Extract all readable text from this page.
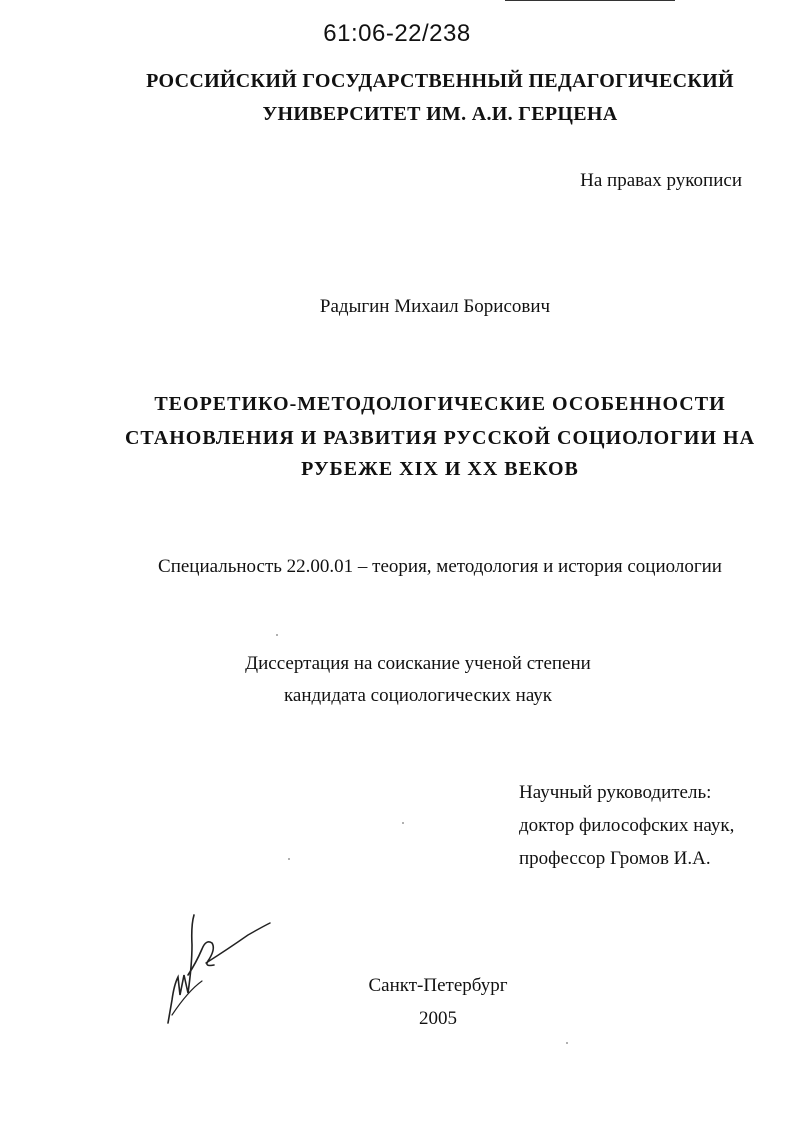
61:06-22/238
РОССИЙСКИЙ ГОСУДАРСТВЕННЫЙ ПЕДАГОГИЧЕСКИЙ
УНИВЕРСИТЕТ ИМ. А.И. ГЕРЦЕНА
На правах рукописи
Радыгин Михаил Борисович
ТЕОРЕТИКО-МЕТОДОЛОГИЧЕСКИЕ ОСОБЕННОСТИ
СТАНОВЛЕНИЯ И РАЗВИТИЯ РУССКОЙ СОЦИОЛОГИИ НА
РУБЕЖЕ XIX И XX ВЕКОВ
Специальность 22.00.01 – теория, методология и история социологии
Диссертация на соискание ученой степени
кандидата социологических наук
Научный руководитель:
доктор философских наук,
профессор Громов И.А.
Санкт-Петербург
2005
